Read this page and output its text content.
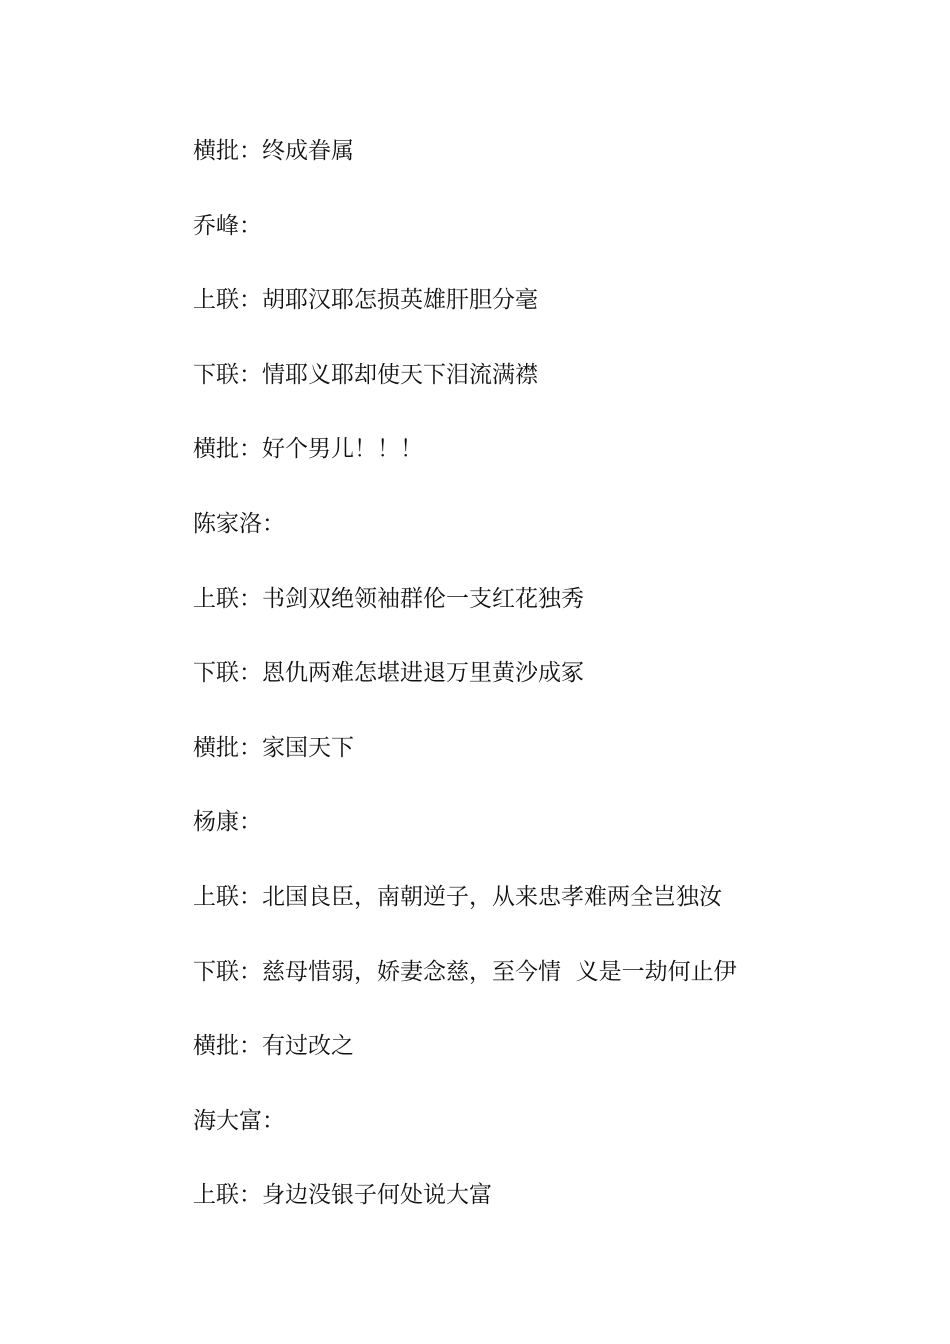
横批：终成眷属
乔峰：
上联：胡耶汉耶怎损英雄肝胆分毫
下联：情耶义耶却使天下泪流满襟
横批：好个男儿！！！
陈家洛：
上联：书剑双绝领袖群伦一支红花独秀
下联：恩仇两难怎堪进退万里黄沙成冢
横批：家国天下
杨康：
上联：北国良臣，南朝逆子，从来忠孝难两全岂独汝
下联：慈母惜弱，娇妻念慈，至今情  义是一劫何止伊
横批：有过改之
海大富：
上联：身边没银子何处说大富
